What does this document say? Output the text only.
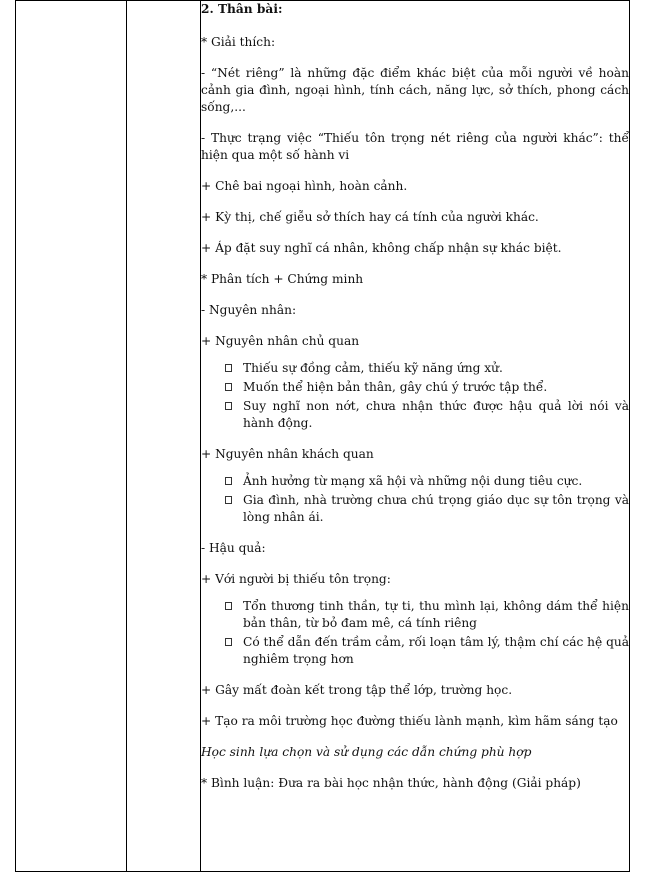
2. Thân bài:
* Giải thích:
- “Nét riêng” là những đặc điểm khác biệt của mỗi người về hoàn cảnh gia đình, ngoại hình, tính cách, năng lực, sở thích, phong cách sống,...
- Thực trạng việc “Thiếu tôn trọng nét riêng của người khác”: thể hiện qua một số hành vi
+ Chê bai ngoại hình, hoàn cảnh.
+ Kỳ thị, chế giễu sở thích hay cá tính của người khác.
+ Áp đặt suy nghĩ cá nhân, không chấp nhận sự khác biệt.
* Phân tích + Chứng minh
- Nguyên nhân:
+ Nguyên nhân chủ quan
Thiếu sự đồng cảm, thiếu kỹ năng ứng xử.
Muốn thể hiện bản thân, gây chú ý trước tập thể.
Suy nghĩ non nớt, chưa nhận thức được hậu quả lời nói và hành động.
+ Nguyên nhân khách quan
Ảnh hưởng từ mạng xã hội và những nội dung tiêu cực.
Gia đình, nhà trường chưa chú trọng giáo dục sự tôn trọng và lòng nhân ái.
- Hậu quả:
+ Với người bị thiếu tôn trọng:
Tổn thương tinh thần, tự ti, thu mình lại, không dám thể hiện bản thân, từ bỏ đam mê, cá tính riêng
Có thể dẫn đến trầm cảm, rối loạn tâm lý, thậm chí các hệ quả nghiêm trọng hơn
+ Gây mất đoàn kết trong tập thể lớp, trường học.
+ Tạo ra môi trường học đường thiếu lành mạnh, kìm hãm sáng tạo
Học sinh lựa chọn và sử dụng các dẫn chứng phù hợp
* Bình luận: Đưa ra bài học nhận thức, hành động (Giải pháp)
